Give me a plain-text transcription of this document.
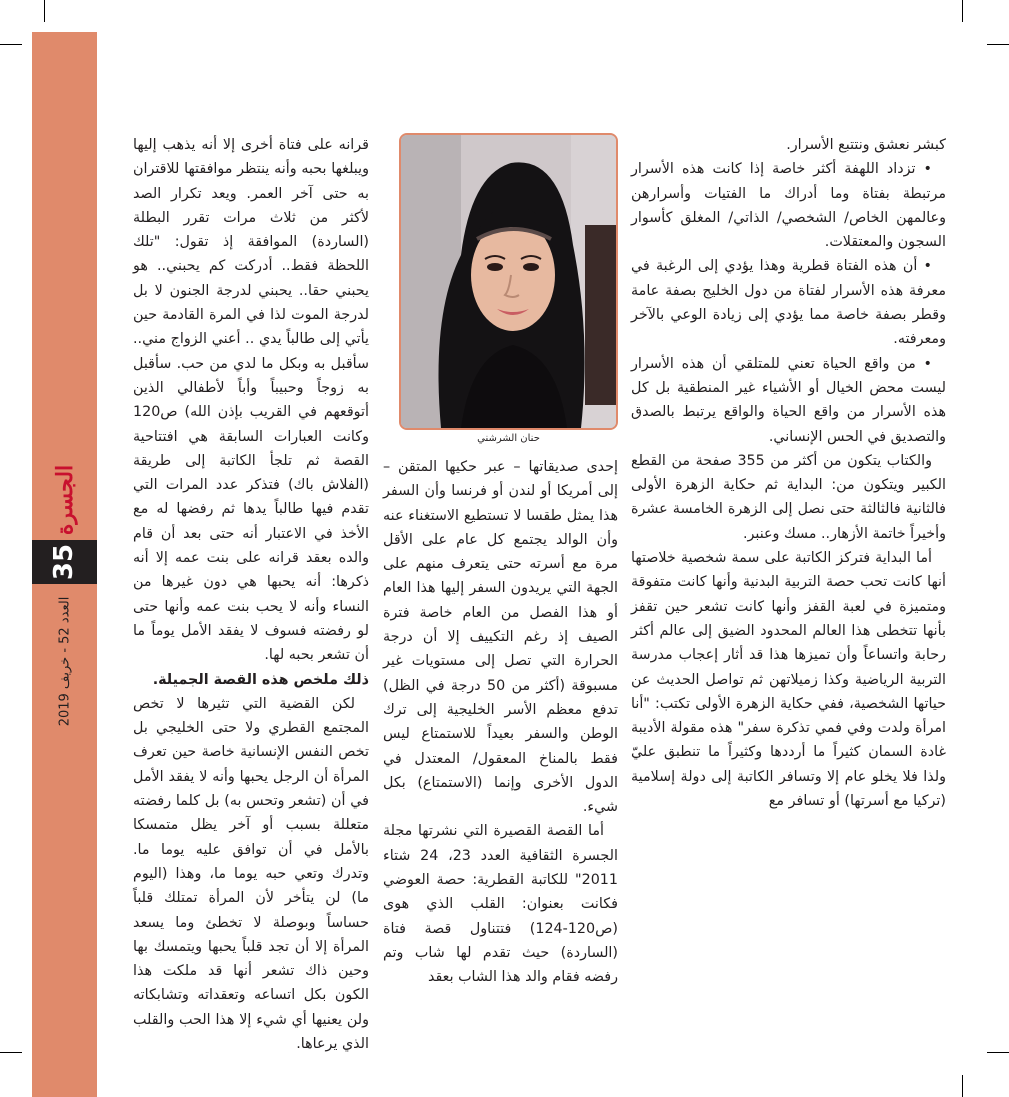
الجسرة
35
العدد 52 - خريف 2019

كبشر نعشق ونتتبع الأسرار.

• تزداد اللهفة أكثر خاصة إذا كانت هذه الأسرار مرتبطة بفتاة وما أدراك ما الفتيات وأسرارهن وعالمهن الخاص/ الشخصي/ الذاتي/ المغلق كأسوار السجون والمعتقلات.

• أن هذه الفتاة قطرية وهذا يؤدي إلى الرغبة في معرفة هذه الأسرار لفتاة من دول الخليج بصفة عامة وقطر بصفة خاصة مما يؤدي إلى زيادة الوعي بالآخر ومعرفته.

• من واقع الحياة تعني للمتلقي أن هذه الأسرار ليست محض الخيال أو الأشياء غير المنطقية بل كل هذه الأسرار من واقع الحياة والواقع يرتبط بالصدق والتصديق في الحس الإنساني.

والكتاب يتكون من أكثر من 355 صفحة من القطع الكبير ويتكون من: البداية ثم حكاية الزهرة الأولى فالثانية فالثالثة حتى نصل إلى الزهرة الخامسة عشرة وأخيراً خاتمة الأزهار.. مسك وعنبر.

أما البداية فتركز الكاتبة على سمة شخصية خلاصتها أنها كانت تحب حصة التربية البدنية وأنها كانت متفوقة ومتميزة في لعبة القفز وأنها كانت تشعر حين تقفز بأنها تتخطى هذا العالم المحدود الضيق إلى عالم أكثر رحابة واتساعاً وأن تميزها هذا قد أثار إعجاب مدرسة التربية الرياضية وكذا زميلاتهن ثم تواصل الحديث عن حياتها الشخصية، ففي حكاية الزهرة الأولى تكتب: "أنا امرأة ولدت وفي فمي تذكرة سفر" هذه مقولة الأديبة غادة السمان كثيراً ما أرددها وكثيراً ما تنطبق عليّ ولذا فلا يخلو عام إلا وتسافر الكاتبة إلى دولة إسلامية (تركيا مع أسرتها) أو تسافر مع

حنان الشرشني

إحدى صديقاتها – عبر حكيها المتقن – إلى أمريكا أو لندن أو فرنسا وأن السفر هذا يمثل طقسا لا تستطيع الاستغناء عنه وأن الوالد يجتمع كل عام على الأقل مرة مع أسرته حتى يتعرف منهم على الجهة التي يريدون السفر إليها هذا العام أو هذا الفصل من العام خاصة فترة الصيف إذ رغم التكييف إلا أن درجة الحرارة التي تصل إلى مستويات غير مسبوقة (أكثر من 50 درجة في الظل) تدفع معظم الأسر الخليجية إلى ترك الوطن والسفر بعيداً للاستمتاع ليس فقط بالمناخ المعقول/ المعتدل في الدول الأخرى وإنما (الاستمتاع) بكل شيء.

أما القصة القصيرة التي نشرتها مجلة الجسرة الثقافية العدد 23، 24 شتاء 2011" للكاتبة القطرية: حصة العوضي فكانت بعنوان: القلب الذي هوى (ص120-124) فتتناول قصة فتاة (الساردة) حيث تقدم لها شاب وتم رفضه فقام والد هذا الشاب بعقد

قرانه على فتاة أخرى إلا أنه يذهب إليها ويبلغها بحبه وأنه ينتظر موافقتها للاقتران به حتى آخر العمر. ويعد تكرار الصد لأكثر من ثلاث مرات تقرر البطلة (الساردة) الموافقة إذ تقول: "تلك اللحظة فقط.. أدركت كم يحبني.. هو يحبني حقا.. يحبني لدرجة الجنون لا بل لدرجة الموت لذا في المرة القادمة حين يأتي إلى طالباً يدي .. أعني الزواج مني.. سأقبل به وبكل ما لدي من حب. سأقبل به زوجاً وحبيباً وأباً لأطفالي الذين أتوقعهم في القريب بإذن الله) ص120 وكانت العبارات السابقة هي افتتاحية القصة ثم تلجأ الكاتبة إلى طريقة (الفلاش باك) فتذكر عدد المرات التي تقدم فيها طالباً يدها ثم رفضها له مع الأخذ في الاعتبار أنه حتى بعد أن قام والده بعقد قرانه على بنت عمه إلا أنه ذكرها: أنه يحبها هي دون غيرها من النساء وأنه لا يحب بنت عمه وأنها حتى لو رفضته فسوف لا يفقد الأمل يوماً ما أن تشعر بحبه لها.

ذلك ملخص هذه القصة الجميلة.

لكن القضية التي تثيرها لا تخص المجتمع القطري ولا حتى الخليجي بل تخص النفس الإنسانية خاصة حين تعرف المرأة أن الرجل يحبها وأنه لا يفقد الأمل في أن (تشعر وتحس به) بل كلما رفضته متعللة بسبب أو آخر يظل متمسكا بالأمل في أن توافق عليه يوما ما. وتدرك وتعي حبه يوما ما، وهذا (اليوم ما) لن يتأخر لأن المرأة تمتلك قلباً حساساً وبوصلة لا تخطئ وما يسعد المرأة إلا أن تجد قلباً يحبها ويتمسك بها وحين ذاك تشعر أنها قد ملكت هذا الكون بكل اتساعه وتعقداته وتشابكاته ولن يعنيها أي شيء إلا هذا الحب والقلب الذي يرعاها.
